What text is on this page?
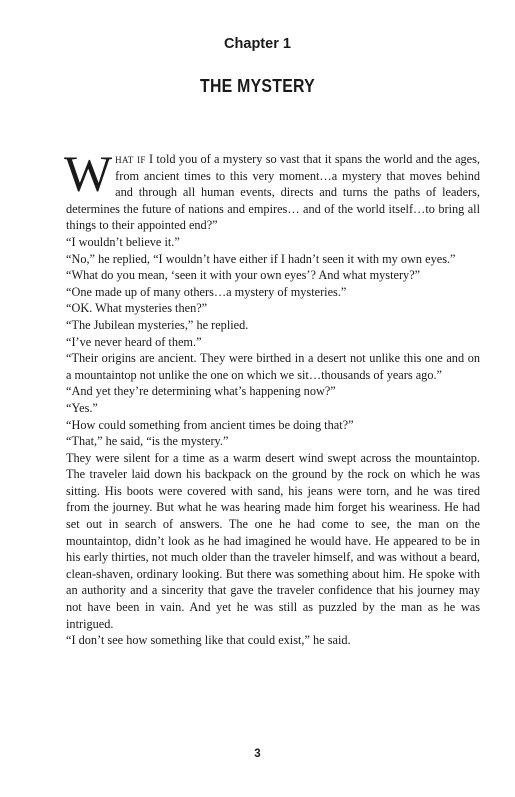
Chapter 1
THE MYSTERY

What if I told you of a mystery so vast that it spans the world and the ages, from ancient times to this very moment…a mystery that moves behind and through all human events, directs and turns the paths of leaders, determines the future of nations and empires… and of the world itself…to bring all things to their appointed end?”

“I wouldn’t believe it.”

“No,” he replied, “I wouldn’t have either if I hadn’t seen it with my own eyes.”

“What do you mean, ‘seen it with your own eyes’? And what mystery?”

“One made up of many others…a mystery of mysteries.”

“OK. What mysteries then?”

“The Jubilean mysteries,” he replied.

“I’ve never heard of them.”

“Their origins are ancient. They were birthed in a desert not unlike this one and on a mountaintop not unlike the one on which we sit…thousands of years ago.”

“And yet they’re determining what’s happening now?”

“Yes.”

“How could something from ancient times be doing that?”

“That,” he said, “is the mystery.”

They were silent for a time as a warm desert wind swept across the mountaintop. The traveler laid down his backpack on the ground by the rock on which he was sitting. His boots were covered with sand, his jeans were torn, and he was tired from the journey. But what he was hearing made him forget his weariness. He had set out in search of answers. The one he had come to see, the man on the mountaintop, didn’t look as he had imagined he would have. He appeared to be in his early thirties, not much older than the traveler himself, and was without a beard, clean-shaven, ordinary looking. But there was something about him. He spoke with an authority and a sincerity that gave the traveler confidence that his journey may not have been in vain. And yet he was still as puzzled by the man as he was intrigued.

“I don’t see how something like that could exist,” he said.

3
